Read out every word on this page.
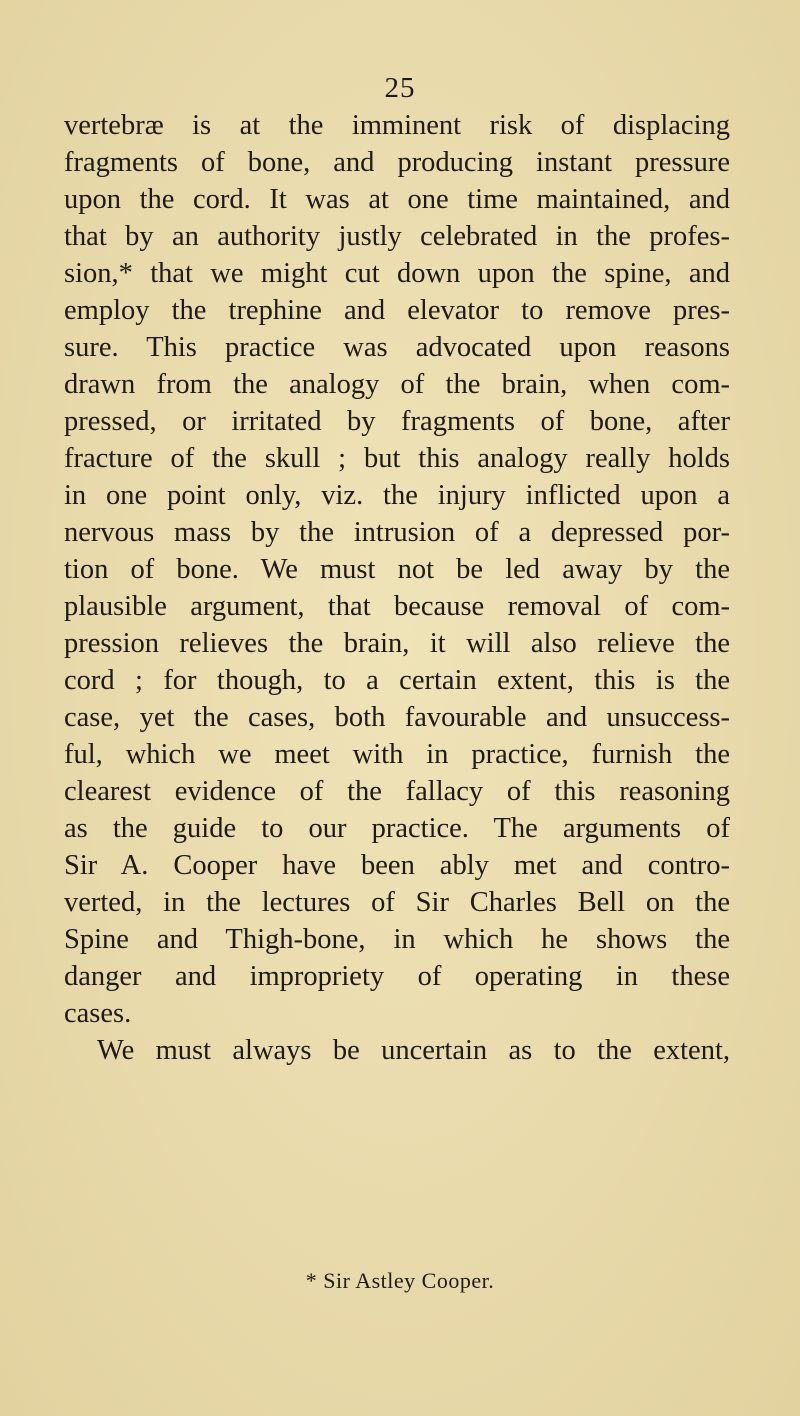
25
vertebræ is at the imminent risk of displacing
fragments of bone, and producing instant pressure
upon the cord. It was at one time maintained, and
that by an authority justly celebrated in the profes-
sion,* that we might cut down upon the spine, and
employ the trephine and elevator to remove pres-
sure. This practice was advocated upon reasons
drawn from the analogy of the brain, when com-
pressed, or irritated by fragments of bone, after
fracture of the skull ; but this analogy really holds
in one point only, viz. the injury inflicted upon a
nervous mass by the intrusion of a depressed por-
tion of bone. We must not be led away by the
plausible argument, that because removal of com-
pression relieves the brain, it will also relieve the
cord ; for though, to a certain extent, this is the
case, yet the cases, both favourable and unsuccess-
ful, which we meet with in practice, furnish the
clearest evidence of the fallacy of this reasoning
as the guide to our practice. The arguments of
Sir A. Cooper have been ably met and contro-
verted, in the lectures of Sir Charles Bell on the
Spine and Thigh-bone, in which he shows the
danger and impropriety of operating in these
cases.
We must always be uncertain as to the extent,
* Sir Astley Cooper.
